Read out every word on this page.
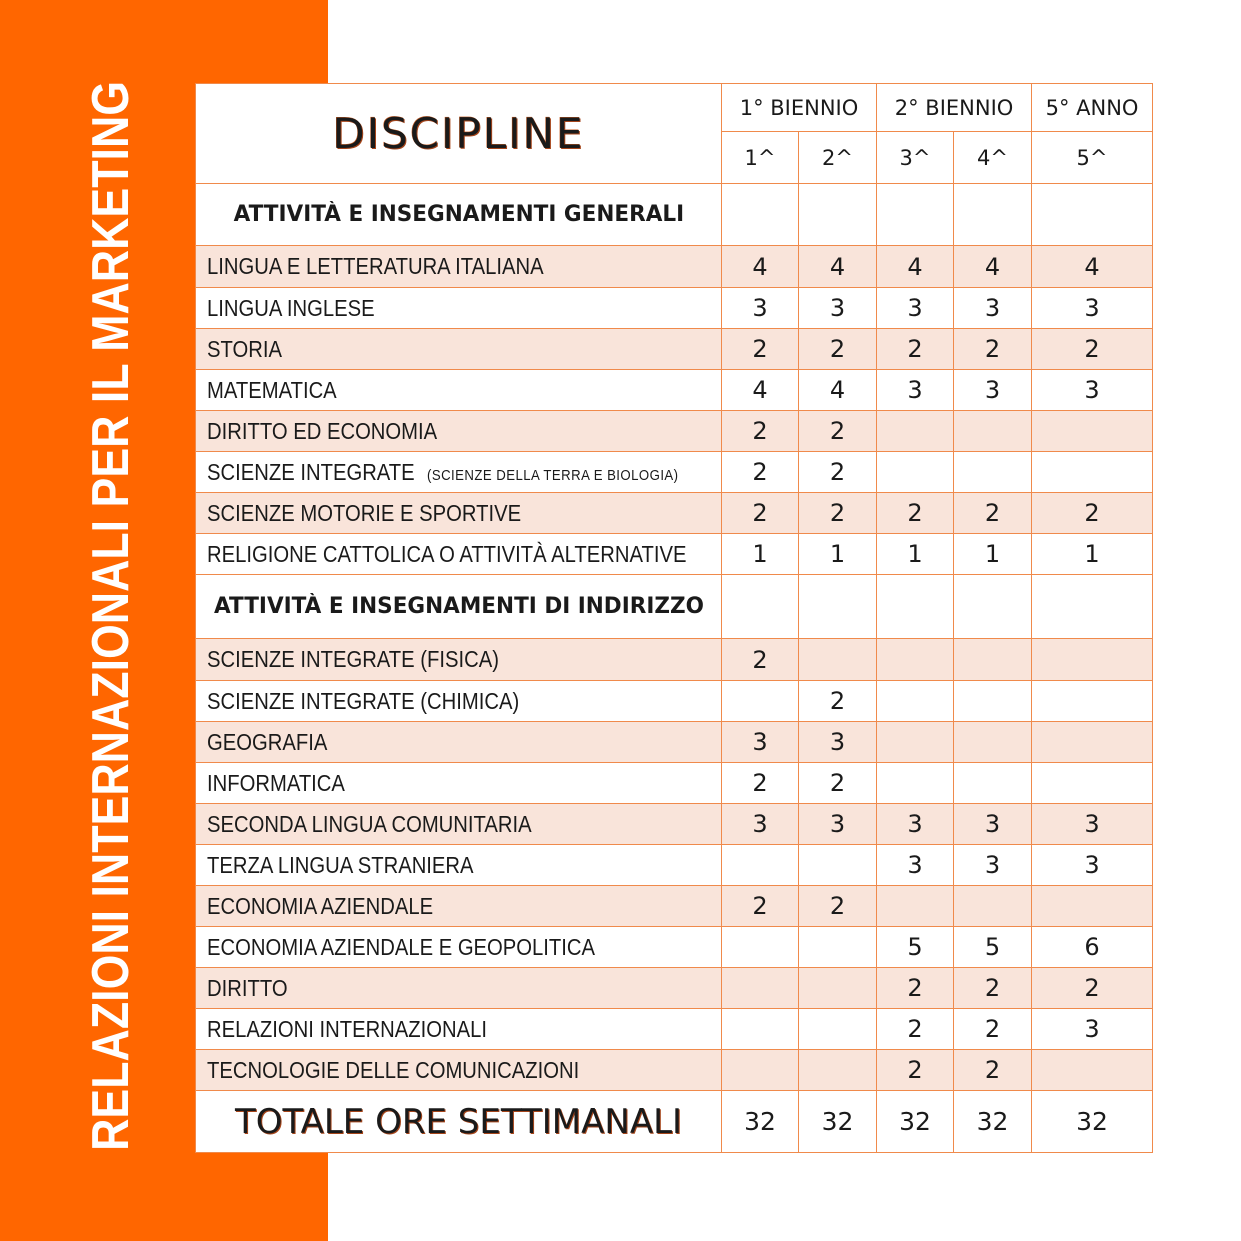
RELAZIONI INTERNAZIONALI PER IL MARKETING	DISCIPLINE	1° BIENNIO		2° BIENNIO		5° ANNO
	1^	2^	3^	4^	5^
ATTIVITÀ E INSEGNAMENTI GENERALI					
LINGUA E LETTERATURA ITALIANA	4	4	4	4	4
LINGUA INGLESE	3	3	3	3	3
STORIA	2	2	2	2	2
MATEMATICA	4	4	3	3	3
DIRITTO ED ECONOMIA	2	2			
SCIENZE INTEGRATE (SCIENZE DELLA TERRA E BIOLOGIA)	2	2			
SCIENZE MOTORIE E SPORTIVE	2	2	2	2	2
RELIGIONE CATTOLICA O ATTIVITÀ ALTERNATIVE	1	1	1	1	1
ATTIVITÀ E INSEGNAMENTI DI INDIRIZZO					
SCIENZE INTEGRATE (FISICA)	2				
SCIENZE INTEGRATE (CHIMICA)		2			
GEOGRAFIA	3	3			
INFORMATICA	2	2			
SECONDA LINGUA COMUNITARIA	3	3	3	3	3
TERZA LINGUA STRANIERA			3	3	3
ECONOMIA AZIENDALE	2	2			
ECONOMIA AZIENDALE E GEOPOLITICA			5	5	6
DIRITTO			2	2	2
RELAZIONI INTERNAZIONALI			2	2	3
TECNOLOGIE DELLE COMUNICAZIONI			2	2	
TOTALE ORE SETTIMANALI	32	32	32	32	32
